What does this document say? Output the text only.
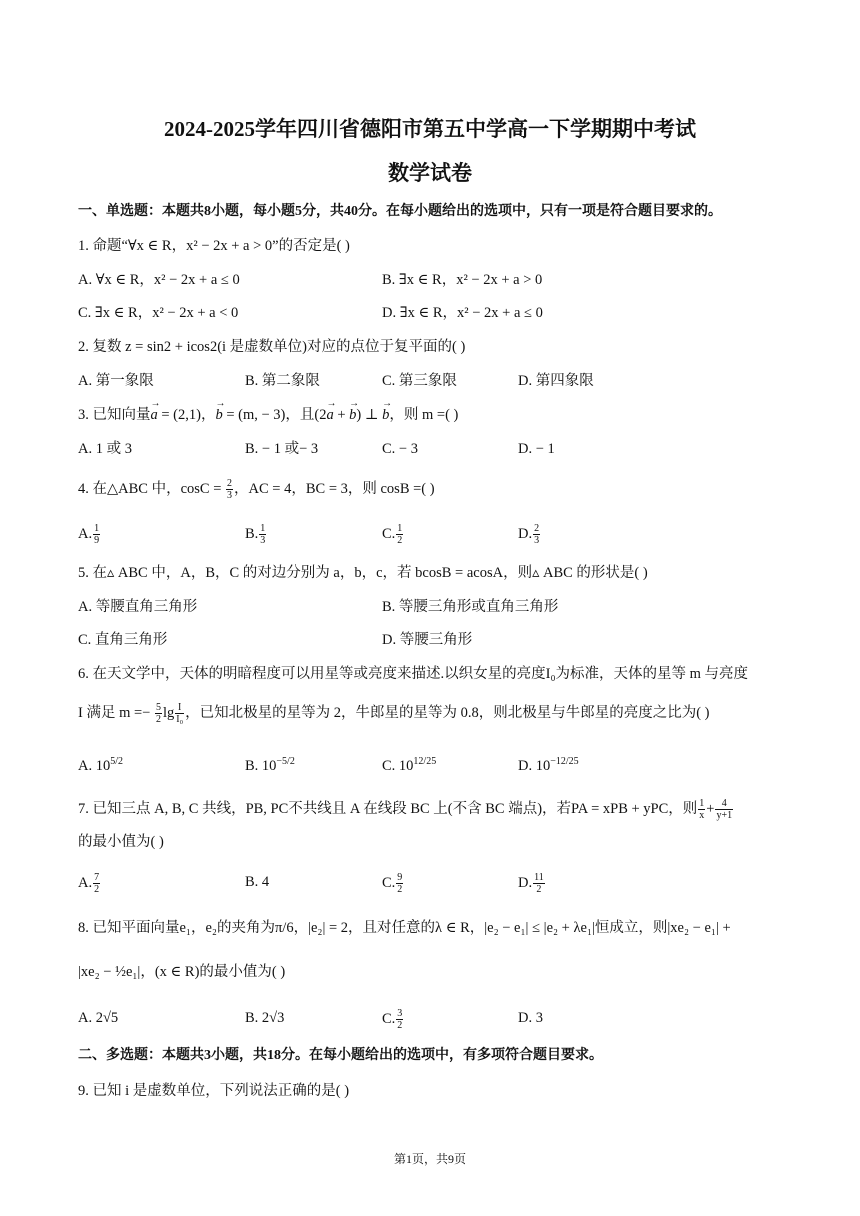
2024-2025学年四川省德阳市第五中学高一下学期期中考试
数学试卷
一、单选题：本题共8小题，每小题5分，共40分。在每小题给出的选项中，只有一项是符合题目要求的。
1. 命题“∀x ∈ R，x² − 2x + a > 0”的否定是( )
A. ∀x ∈ R，x² − 2x + a ≤ 0	B. ∃x ∈ R，x² − 2x + a > 0
C. ∃x ∈ R，x² − 2x + a < 0	D. ∃x ∈ R，x² − 2x + a ≤ 0
2. 复数 z = sin2 + icos2(i 是虚数单位)对应的点位于复平面的( )
A. 第一象限	B. 第二象限	C. 第三象限	D. 第四象限
3. 已知向量→ a = (2,1)，→ b = (m, − 3)，且(2→ a + → b) ⊥ → b，则 m =( )
A. 1 或 3	B. − 1 或− 3	C. − 3	D. − 1
4. 在△ABC 中，$\cos C = \frac{2}{3}$ ，AC = 4，BC = 3，则 cosB =( )
A. $\frac{1}{9}$	B. $\frac{1}{3}$	C. $\frac{1}{2}$	D. $\frac{2}{3}$
5. 在▵ ABC 中，A，B，C 的对边分别为 a，b，c，若 bcosB = acosA，则▵ ABC 的形状是( )
A. 等腰直角三角形	B. 等腰三角形或直角三角形
C. 直角三角形	D. 等腰三角形
6. 在天文学中，天体的明暗程度可以用星等或亮度来描述.以织女星的亮度I₀为标准，天体的星等 m 与亮度
I 满足 $m =- \frac{5}{2}$ $\lg \frac{I}{\text{I₀}}$ ，已知北极星的星等为 2，牛郎星的星等为 0.8，则北极星与牛郎星的亮度之比为( )
A. $10^{5/2}$	B. $10^{-5/2}$	C. $10^{12/25}$	D. $10^{-12/25}$
7. 已知三点 A, B, C 共线，PB, PC不共线且 A 在线段 BC 上(不含 BC 端点)，若PA = xPB + yPC，则 $\frac{1}{x} + \frac{4}{y+1}$
的最小值为( )
A. $\frac{7}{2}$	B. 4	C. $\frac{9}{2}$	D. $\frac{11}{2}$
8. 已知平面向量e₁，e₂的夹角为π/6，|e₂| = 2，且对任意的λ ∈ R，|e₂ − e₁| ≤ |e₂ + λe₁|恒成立，则|xe₂ − e₁| +
|xe₂ − ½e₁|，(x ∈ R)的最小值为( )
A. 2√5	B. 2√3	C. $\frac{3}{2}$	D. 3
二、多选题：本题共3小题，共18分。在每小题给出的选项中，有多项符合题目要求。
9. 已知 i 是虚数单位，下列说法正确的是( )
第1页，共9页
